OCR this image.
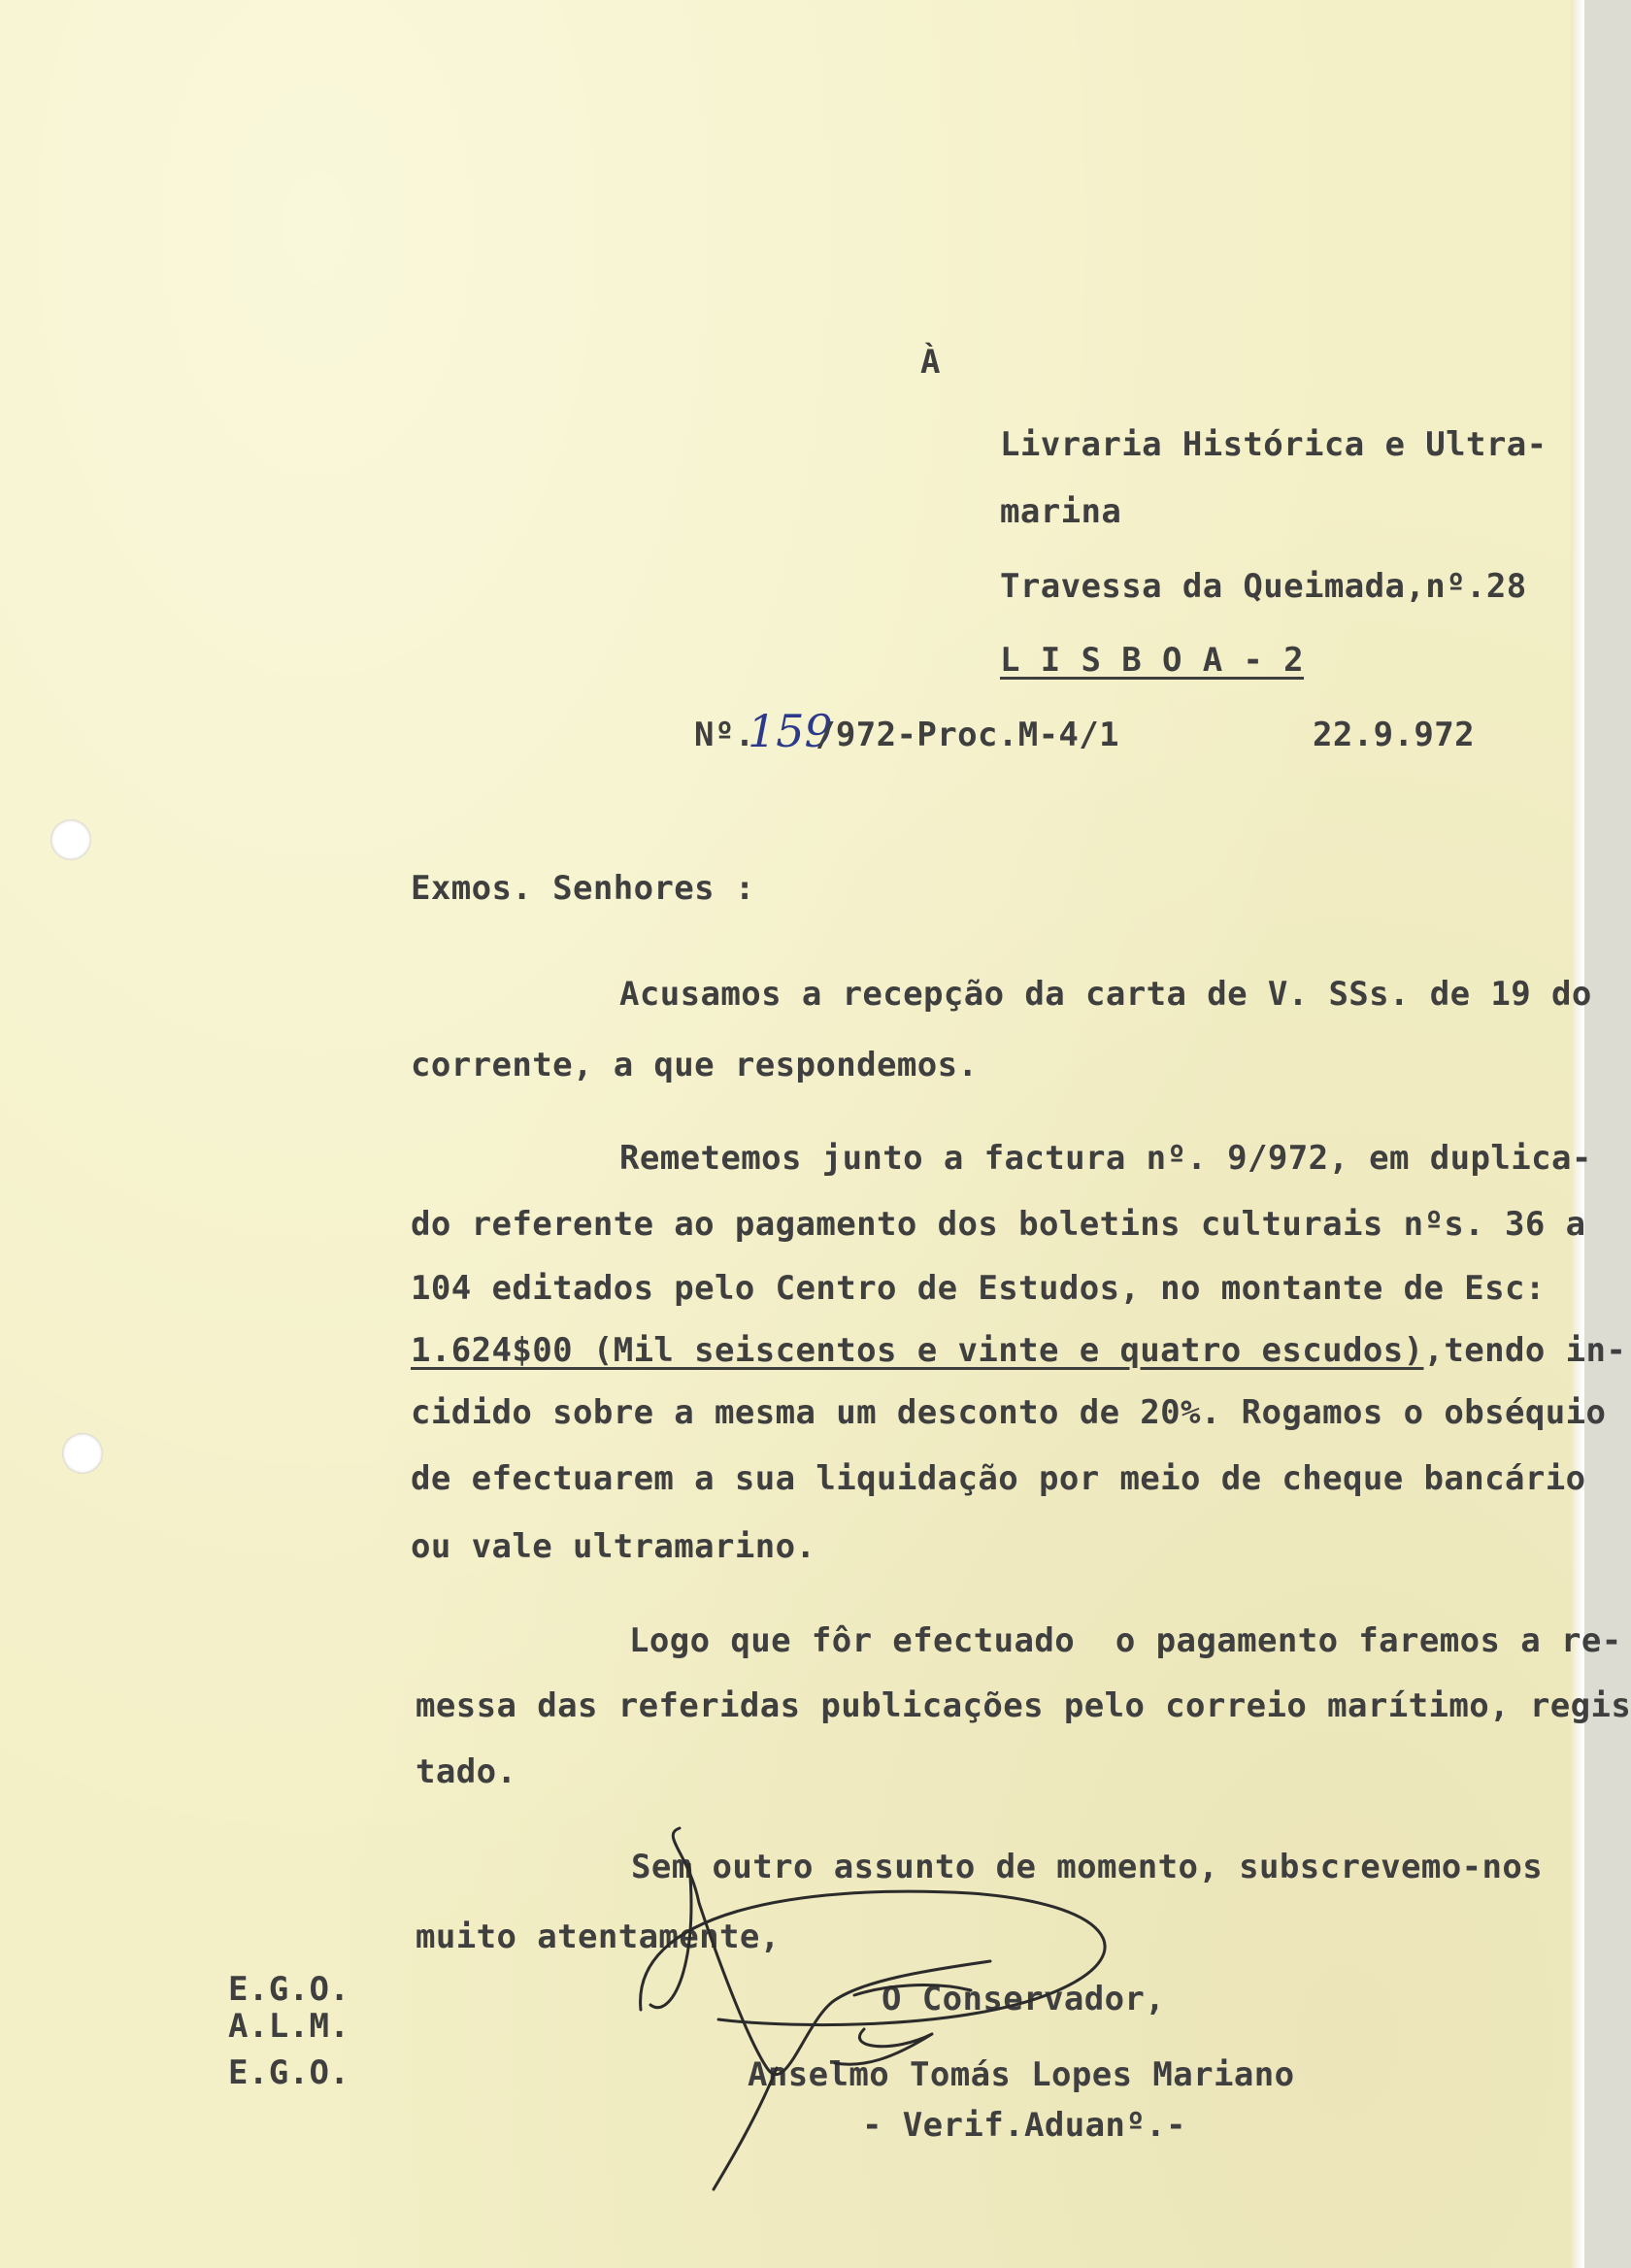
À
Livraria Histórica e Ultra-
marina
Travessa da Queimada,nº.28
L I S B O A - 2
Nº.
159
/972-Proc.M-4/1	22.9.972
Exmos. Senhores :
Acusamos a recepção da carta de V. SSs. de 19 do
corrente, a que respondemos.
Remetemos junto a factura nº. 9/972, em duplica-
do referente ao pagamento dos boletins culturais nºs. 36 a
104 editados pelo Centro de Estudos, no montante de Esc:
1.624$00 (Mil seiscentos e vinte e quatro escudos),tendo in-
cidido sobre a mesma um desconto de 20%. Rogamos o obséquio
de efectuarem a sua liquidação por meio de cheque bancário
ou vale ultramarino.
Logo que fôr efectuado  o pagamento faremos a re-
messa das referidas publicações pelo correio marítimo, regis
tado.
Sem outro assunto de momento, subscrevemo-nos
muito atentamente,
O Conservador,
Anselmo Tomás Lopes Mariano
- Verif.Aduanº.-
E.G.O.
A.L.M.
E.G.O.
